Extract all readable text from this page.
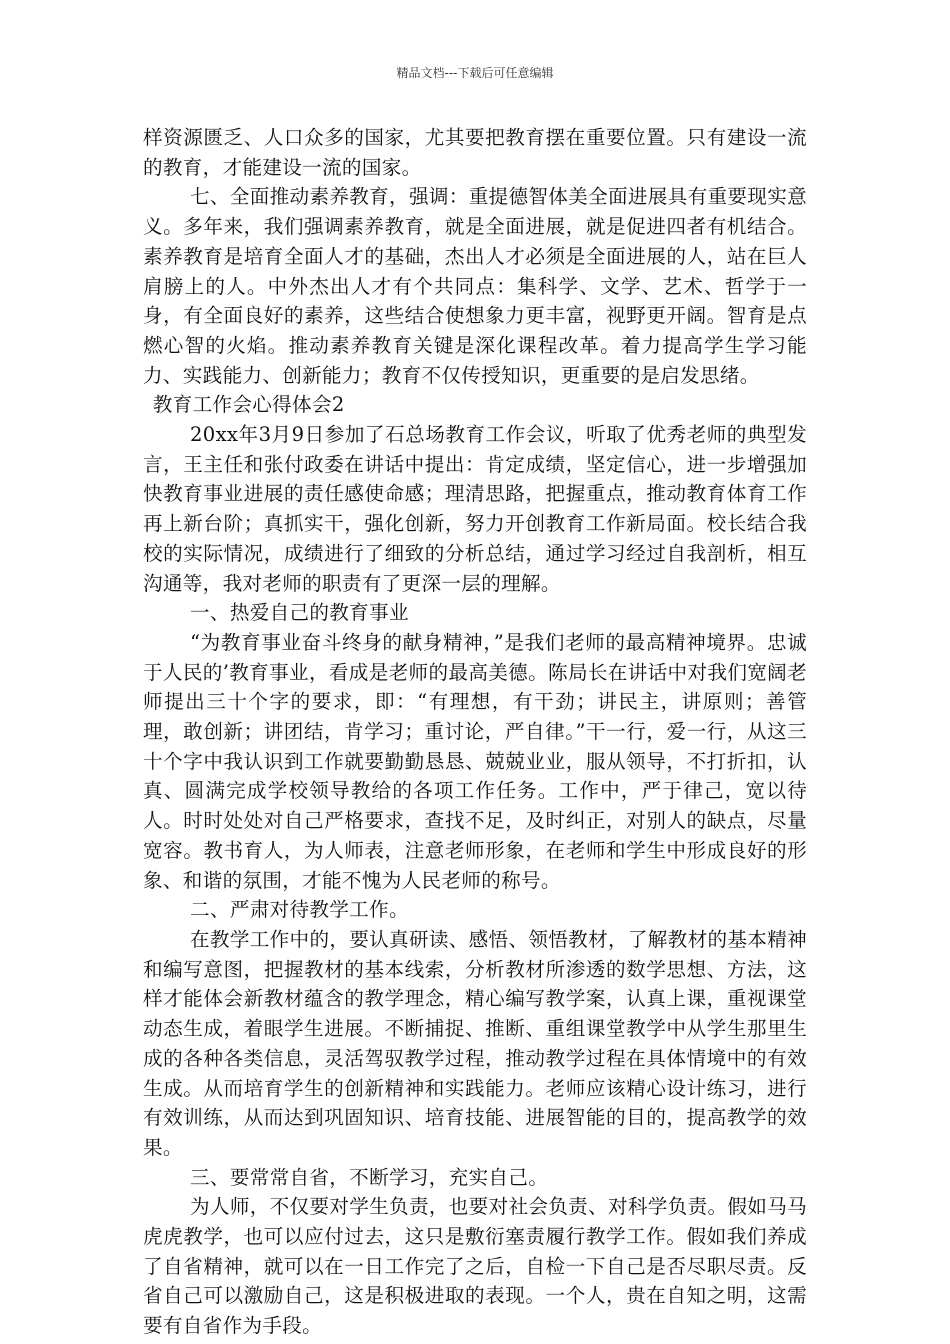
精品文档---下载后可任意编辑

样资源匮乏、人口众多的国家，尤其要把教育摆在重要位置。只有建设一流的教育，才能建设一流的国家。

七、全面推动素养教育，强调：重提德智体美全面进展具有重要现实意义。多年来，我们强调素养教育，就是全面进展，就是促进四者有机结合。素养教育是培育全面人才的基础，杰出人才必须是全面进展的人，站在巨人肩膀上的人。中外杰出人才有个共同点：集科学、文学、艺术、哲学于一身，有全面良好的素养，这些结合使想象力更丰富，视野更开阔。智育是点燃心智的火焰。推动素养教育关键是深化课程改革。着力提高学生学习能力、实践能力、创新能力；教育不仅传授知识，更重要的是启发思绪。

教育工作会心得体会2

20xx年3月9日参加了石总场教育工作会议，听取了优秀老师的典型发言，王主任和张付政委在讲话中提出：肯定成绩，坚定信心，进一步增强加快教育事业进展的责任感使命感；理清思路，把握重点，推动教育体育工作再上新台阶；真抓实干，强化创新，努力开创教育工作新局面。校长结合我校的实际情况，成绩进行了细致的分析总结，通过学习经过自我剖析，相互沟通等，我对老师的职责有了更深一层的理解。

一、热爱自己的教育事业

“为教育事业奋斗终身的献身精神，”是我们老师的最高精神境界。忠诚于人民的’教育事业，看成是老师的最高美德。陈局长在讲话中对我们宽阔老师提出三十个字的要求，即：“有理想，有干劲；讲民主，讲原则；善管理，敢创新；讲团结，肯学习；重讨论，严自律。”干一行，爱一行，从这三十个字中我认识到工作就要勤勤恳恳、兢兢业业，服从领导，不打折扣，认真、圆满完成学校领导教给的各项工作任务。工作中，严于律己，宽以待人。时时处处对自己严格要求，查找不足，及时纠正，对别人的缺点，尽量宽容。教书育人，为人师表，注意老师形象，在老师和学生中形成良好的形象、和谐的氛围，才能不愧为人民老师的称号。

二、严肃对待教学工作。

在教学工作中的，要认真研读、感悟、领悟教材，了解教材的基本精神和编写意图，把握教材的基本线索，分析教材所渗透的数学思想、方法，这样才能体会新教材蕴含的教学理念，精心编写教学案，认真上课，重视课堂动态生成，着眼学生进展。不断捕捉、推断、重组课堂教学中从学生那里生成的各种各类信息，灵活驾驭教学过程，推动教学过程在具体情境中的有效生成。从而培育学生的创新精神和实践能力。老师应该精心设计练习，进行有效训练，从而达到巩固知识、培育技能、进展智能的目的，提高教学的效果。

三、要常常自省，不断学习，充实自己。

为人师，不仅要对学生负责，也要对社会负责、对科学负责。假如马马虎虎教学，也可以应付过去，这只是敷衍塞责履行教学工作。假如我们养成了自省精神，就可以在一日工作完了之后，自检一下自己是否尽职尽责。反省自己可以激励自己，这是积极进取的表现。一个人，贵在自知之明，这需要有自省作为手段。
